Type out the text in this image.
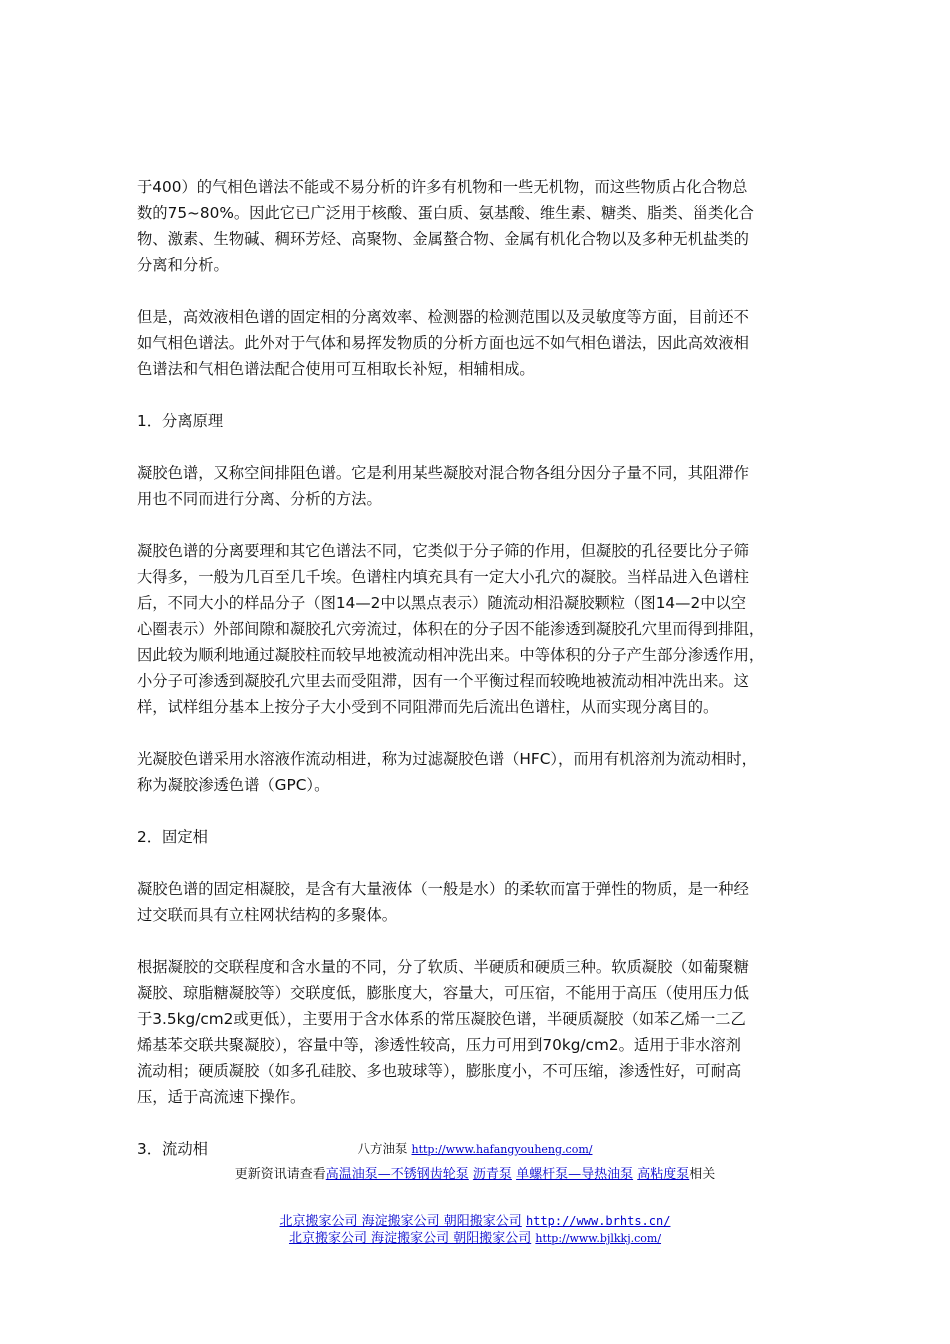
于400）的气相色谱法不能或不易分析的许多有机物和一些无机物，而这些物质占化合物总
数的75~80%。因此它已广泛用于核酸、蛋白质、氨基酸、维生素、糖类、脂类、甾类化合
物、激素、生物碱、稠环芳烃、高聚物、金属螯合物、金属有机化合物以及多种无机盐类的
分离和分析。
但是，高效液相色谱的固定相的分离效率、检测器的检测范围以及灵敏度等方面，目前还不
如气相色谱法。此外对于气体和易挥发物质的分析方面也远不如气相色谱法，因此高效液相
色谱法和气相色谱法配合使用可互相取长补短，相辅相成。
1．分离原理
凝胶色谱，又称空间排阻色谱。它是利用某些凝胶对混合物各组分因分子量不同，其阻滞作
用也不同而进行分离、分析的方法。
凝胶色谱的分离要理和其它色谱法不同，它类似于分子筛的作用，但凝胶的孔径要比分子筛
大得多，一般为几百至几千埃。色谱柱内填充具有一定大小孔穴的凝胶。当样品进入色谱柱
后，不同大小的样品分子（图14—2中以黑点表示）随流动相沿凝胶颗粒（图14—2中以空
心圈表示）外部间隙和凝胶孔穴旁流过，体积在的分子因不能渗透到凝胶孔穴里而得到排阻，
因此较为顺利地通过凝胶柱而较早地被流动相冲洗出来。中等体积的分子产生部分渗透作用，
小分子可渗透到凝胶孔穴里去而受阻滞，因有一个平衡过程而较晚地被流动相冲洗出来。这
样，试样组分基本上按分子大小受到不同阻滞而先后流出色谱柱，从而实现分离目的。
光凝胶色谱采用水溶液作流动相进，称为过滤凝胶色谱（HFC），而用有机溶剂为流动相时，
称为凝胶渗透色谱（GPC）。
2．固定相
凝胶色谱的固定相凝胶，是含有大量液体（一般是水）的柔软而富于弹性的物质，是一种经
过交联而具有立柱网状结构的多聚体。
根据凝胶的交联程度和含水量的不同，分了软质、半硬质和硬质三种。软质凝胶（如葡聚糖
凝胶、琼脂糖凝胶等）交联度低，膨胀度大，容量大，可压宿，不能用于高压（使用压力低
于3.5kg/cm2或更低），主要用于含水体系的常压凝胶色谱，半硬质凝胶（如苯乙烯一二乙
烯基苯交联共聚凝胶），容量中等，渗透性较高，压力可用到70kg/cm2。适用于非水溶剂
流动相；硬质凝胶（如多孔硅胶、多也玻球等），膨胀度小，不可压缩，渗透性好，可耐高
压，适于高流速下操作。
3．流动相	八方油泵 http://www.hafangyouheng.com/
更新资讯请查看高温油泵—不锈钢齿轮泵 沥青泵 单螺杆泵—导热油泵 高粘度泵相关
北京搬家公司 海淀搬家公司 朝阳搬家公司 http://www.brhts.cn/
北京搬家公司 海淀搬家公司 朝阳搬家公司 http://www.bjlkkj.com/
